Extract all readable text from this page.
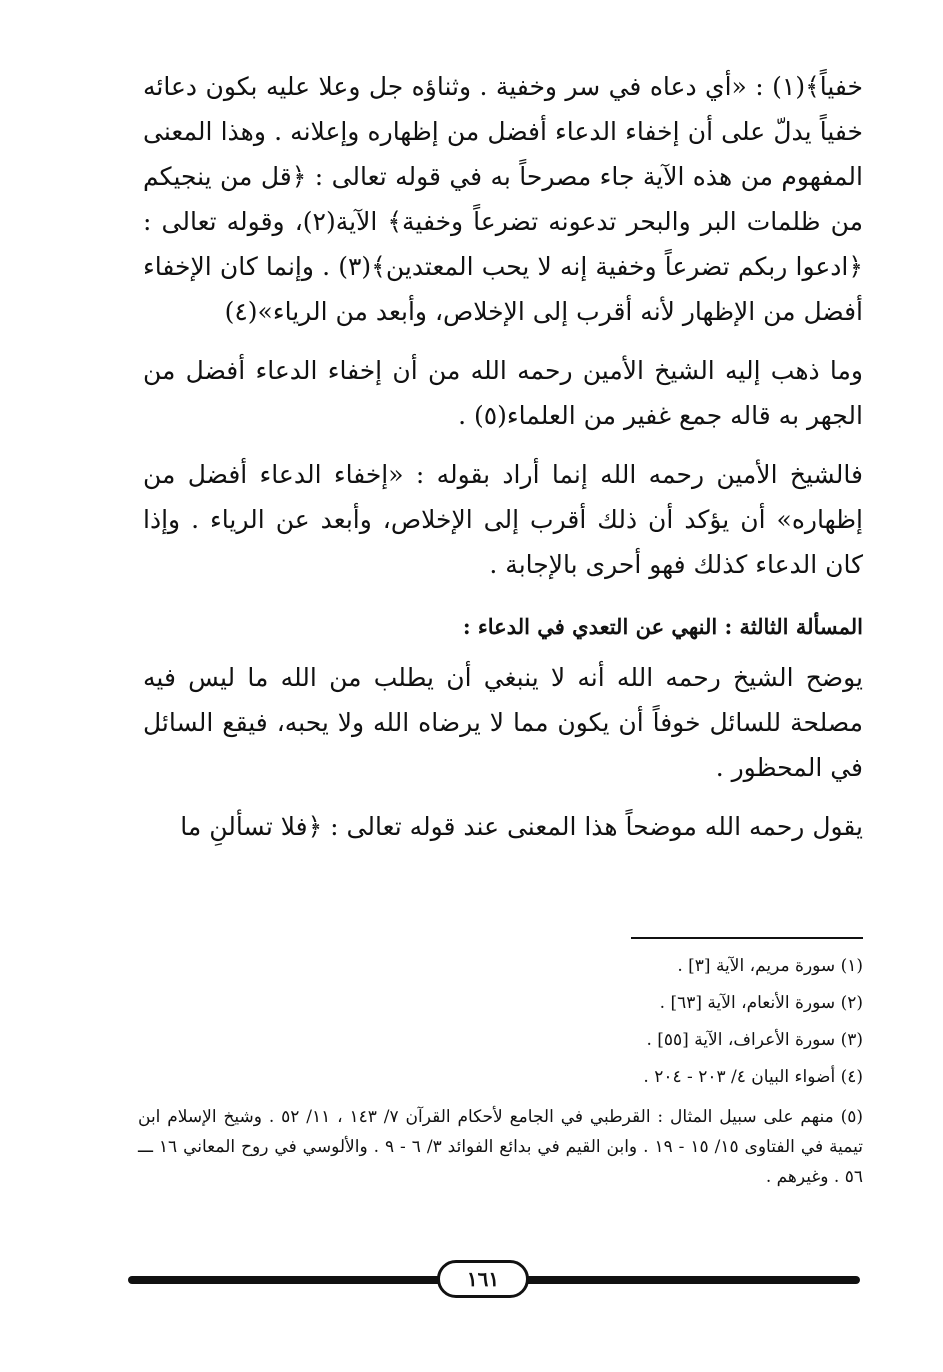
خفياً﴾(١) : «أي دعاه في سر وخفية . وثناؤه جل وعلا عليه بكون دعائه خفياً يدلّ على أن إخفاء الدعاء أفضل من إظهاره وإعلانه . وهذا المعنى المفهوم من هذه الآية جاء مصرحاً به في قوله تعالى : ﴿قل من ينجيكم من ظلمات البر والبحر تدعونه تضرعاً وخفية﴾ الآية(٢)، وقوله تعالى : ﴿ادعوا ربكم تضرعاً وخفية إنه لا يحب المعتدين﴾(٣) . وإنما كان الإخفاء أفضل من الإظهار لأنه أقرب إلى الإخلاص، وأبعد من الرياء»(٤)

وما ذهب إليه الشيخ الأمين رحمه الله من أن إخفاء الدعاء أفضل من الجهر به قاله جمع غفير من العلماء(٥) .

فالشيخ الأمين رحمه الله إنما أراد بقوله : «إخفاء الدعاء أفضل من إظهاره» أن يؤكد أن ذلك أقرب إلى الإخلاص، وأبعد عن الرياء . وإذا كان الدعاء كذلك فهو أحرى بالإجابة .

المسألة الثالثة : النهي عن التعدي في الدعاء :

يوضح الشيخ رحمه الله أنه لا ينبغي أن يطلب من الله ما ليس فيه مصلحة للسائل خوفاً أن يكون مما لا يرضاه الله ولا يحبه، فيقع السائل في المحظور .

يقول رحمه الله موضحاً هذا المعنى عند قوله تعالى : ﴿فلا تسألنِ ما

(١) سورة مريم، الآية [٣] .

(٢) سورة الأنعام، الآية [٦٣] .

(٣) سورة الأعراف، الآية [٥٥] .

(٤) أضواء البيان ٤/ ٢٠٣ - ٢٠٤ .

(٥) منهم على سبيل المثال : القرطبي في الجامع لأحكام القرآن ٧/ ١٤٣ ، ١١/ ٥٢ . وشيخ الإسلام ابن تيمية في الفتاوى ١٥/ ١٥ - ١٩ . وابن القيم في بدائع الفوائد ٣/ ٦ - ٩ . والألوسي في روح المعاني ١٦ ـــ ٥٦ . وغيرهم .

١٦١
